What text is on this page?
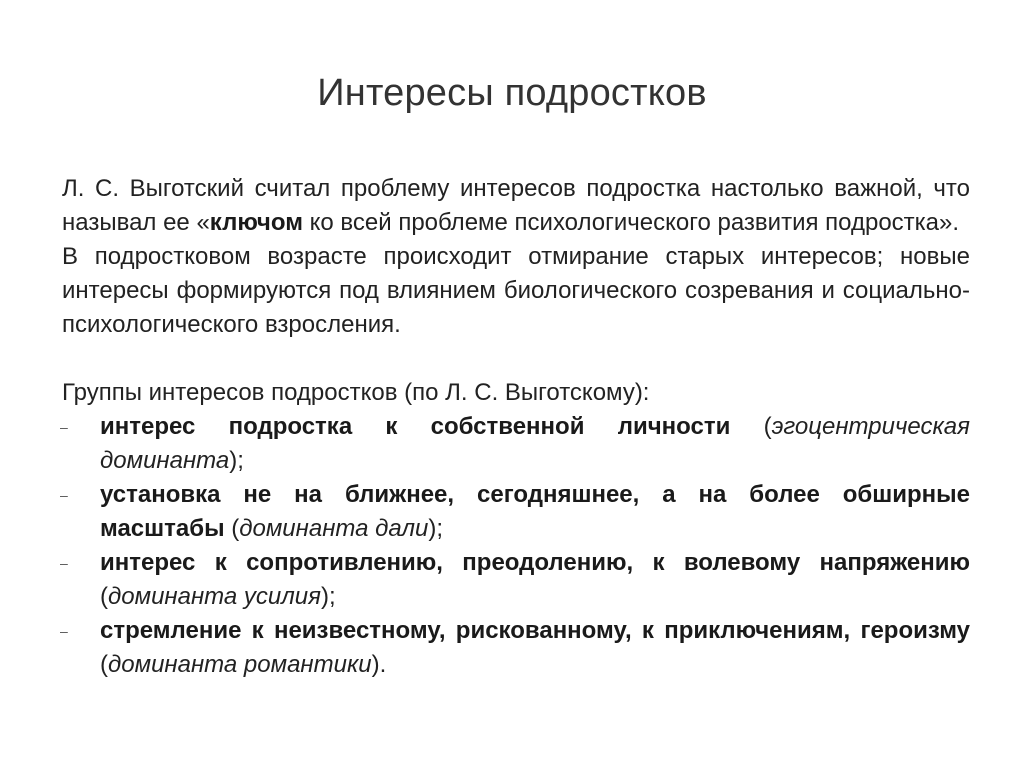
Интересы подростков

Л. С. Выготский считал проблему интересов подростка настолько важной, что называл ее «ключом ко всей проблеме психологического развития подростка».

В подростковом возрасте происходит отмирание старых интересов; новые интересы формируются под влиянием биологического созревания и социально-психологического взросления.

Группы интересов подростков (по Л. С. Выготскому):

– интерес подростка к собственной личности (эгоцентрическая доминанта);
– установка не на ближнее, сегодняшнее, а на более обширные масштабы (доминанта дали);
– интерес к сопротивлению, преодолению, к волевому напряжению (доминанта усилия);
– стремление к неизвестному, рискованному, к приключениям, героизму (доминанта романтики).
